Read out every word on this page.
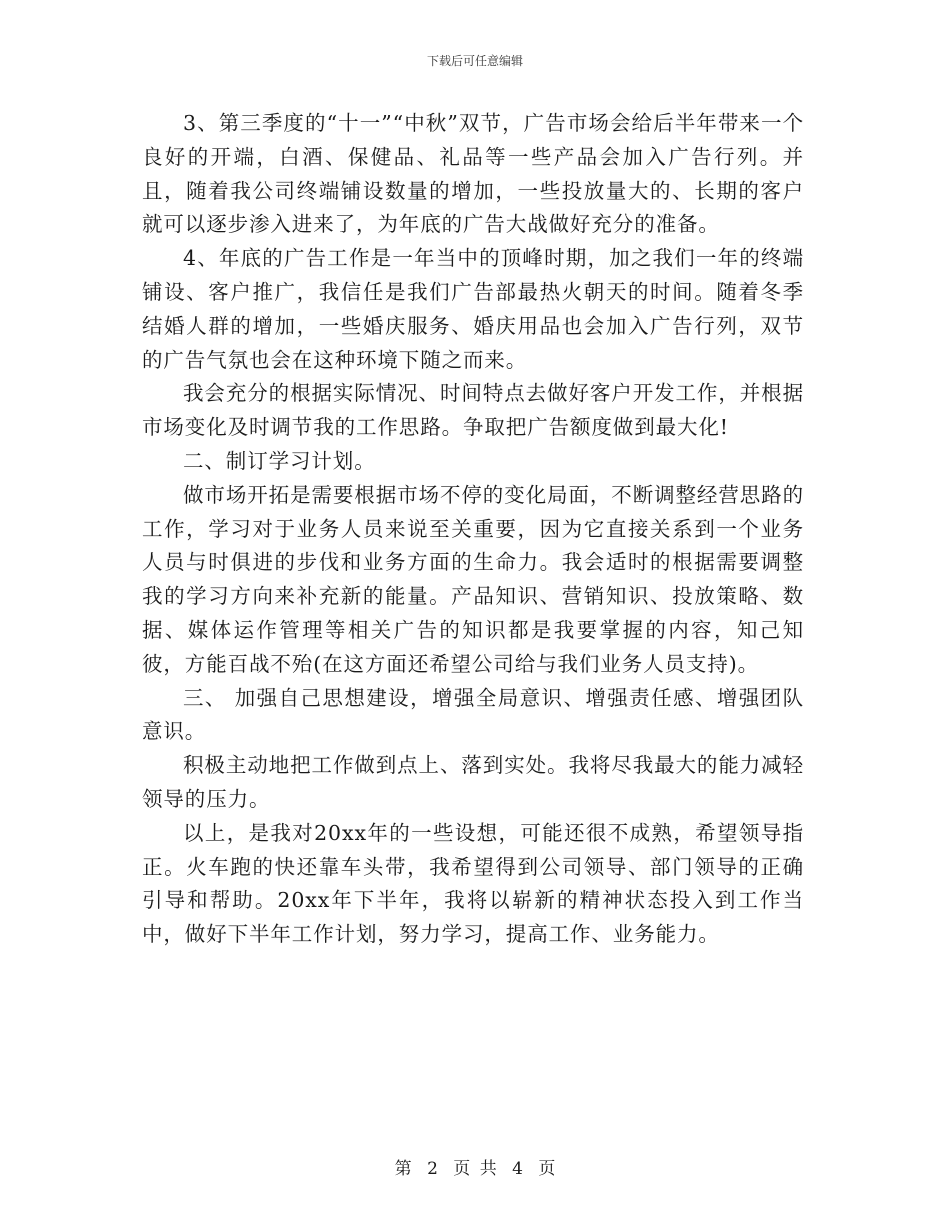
下载后可任意编辑

3、第三季度的“十一”“中秋”双节，广告市场会给后半年带来一个良好的开端，白酒、保健品、礼品等一些产品会加入广告行列。并且，随着我公司终端铺设数量的增加，一些投放量大的、长期的客户就可以逐步渗入进来了，为年底的广告大战做好充分的准备。

4、年底的广告工作是一年当中的顶峰时期，加之我们一年的终端铺设、客户推广，我信任是我们广告部最热火朝天的时间。随着冬季结婚人群的增加，一些婚庆服务、婚庆用品也会加入广告行列，双节的广告气氛也会在这种环境下随之而来。

我会充分的根据实际情况、时间特点去做好客户开发工作，并根据市场变化及时调节我的工作思路。争取把广告额度做到最大化!

二、制订学习计划。

做市场开拓是需要根据市场不停的变化局面，不断调整经营思路的工作，学习对于业务人员来说至关重要，因为它直接关系到一个业务人员与时俱进的步伐和业务方面的生命力。我会适时的根据需要调整我的学习方向来补充新的能量。产品知识、营销知识、投放策略、数据、媒体运作管理等相关广告的知识都是我要掌握的内容，知己知彼，方能百战不殆(在这方面还希望公司给与我们业务人员支持)。

三、 加强自己思想建设，增强全局意识、增强责任感、增强团队意识。

积极主动地把工作做到点上、落到实处。我将尽我最大的能力减轻领导的压力。

以上，是我对20xx年的一些设想，可能还很不成熟，希望领导指正。火车跑的快还靠车头带，我希望得到公司领导、部门领导的正确引导和帮助。20xx年下半年，我将以崭新的精神状态投入到工作当中，做好下半年工作计划，努力学习，提高工作、业务能力。

第 2 页 共 4 页
